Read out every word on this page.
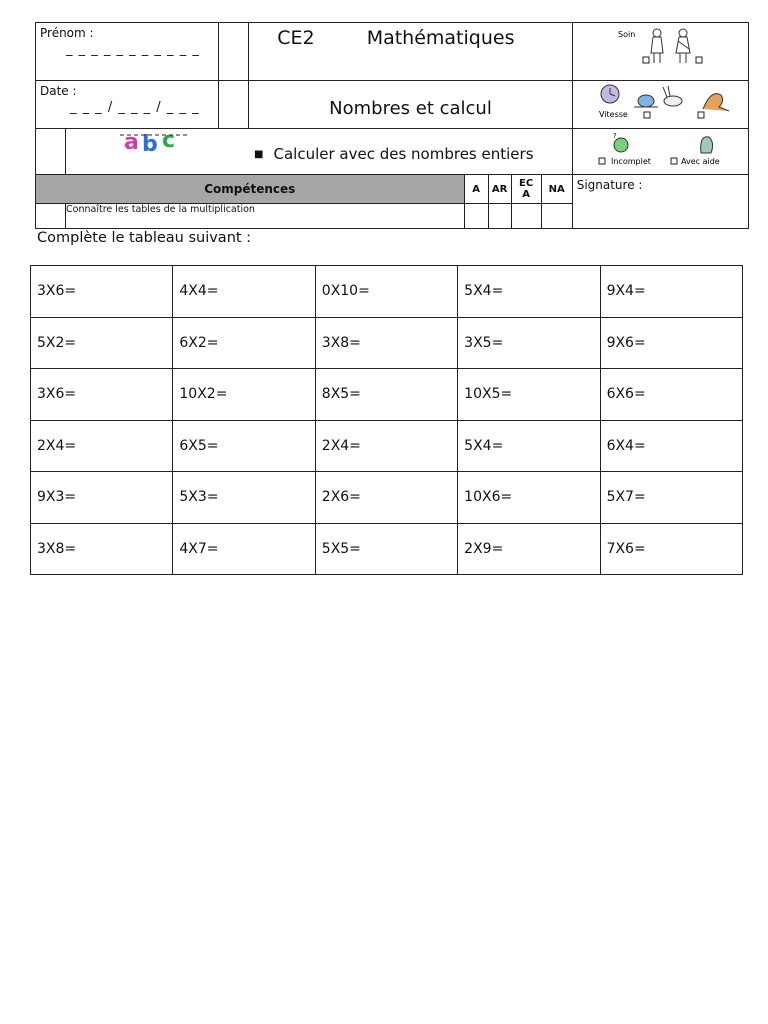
Prénom :
_ _ _ _ _ _ _ _ _ _ _			CE2 Mathématiques					Soin

Date :
_ _ _ / _ _ _ / _ _ _			Nombres et calcul					Vitesse

a b c
■ Calculer avec des nombres entiers							?
Incomplet Avec aide

Compétences				A	AR	EC A	NA	Signature :

	Connaître les tables de la multiplication							
Complète le tableau suivant :
3X6=	4X4=	0X10=	5X4=	9X4=
5X2=	6X2=	3X8=	3X5=	9X6=
3X6=	10X2=	8X5=	10X5=	6X6=
2X4=	6X5=	2X4=	5X4=	6X4=
9X3=	5X3=	2X6=	10X6=	5X7=
3X8=	4X7=	5X5=	2X9=	7X6=
